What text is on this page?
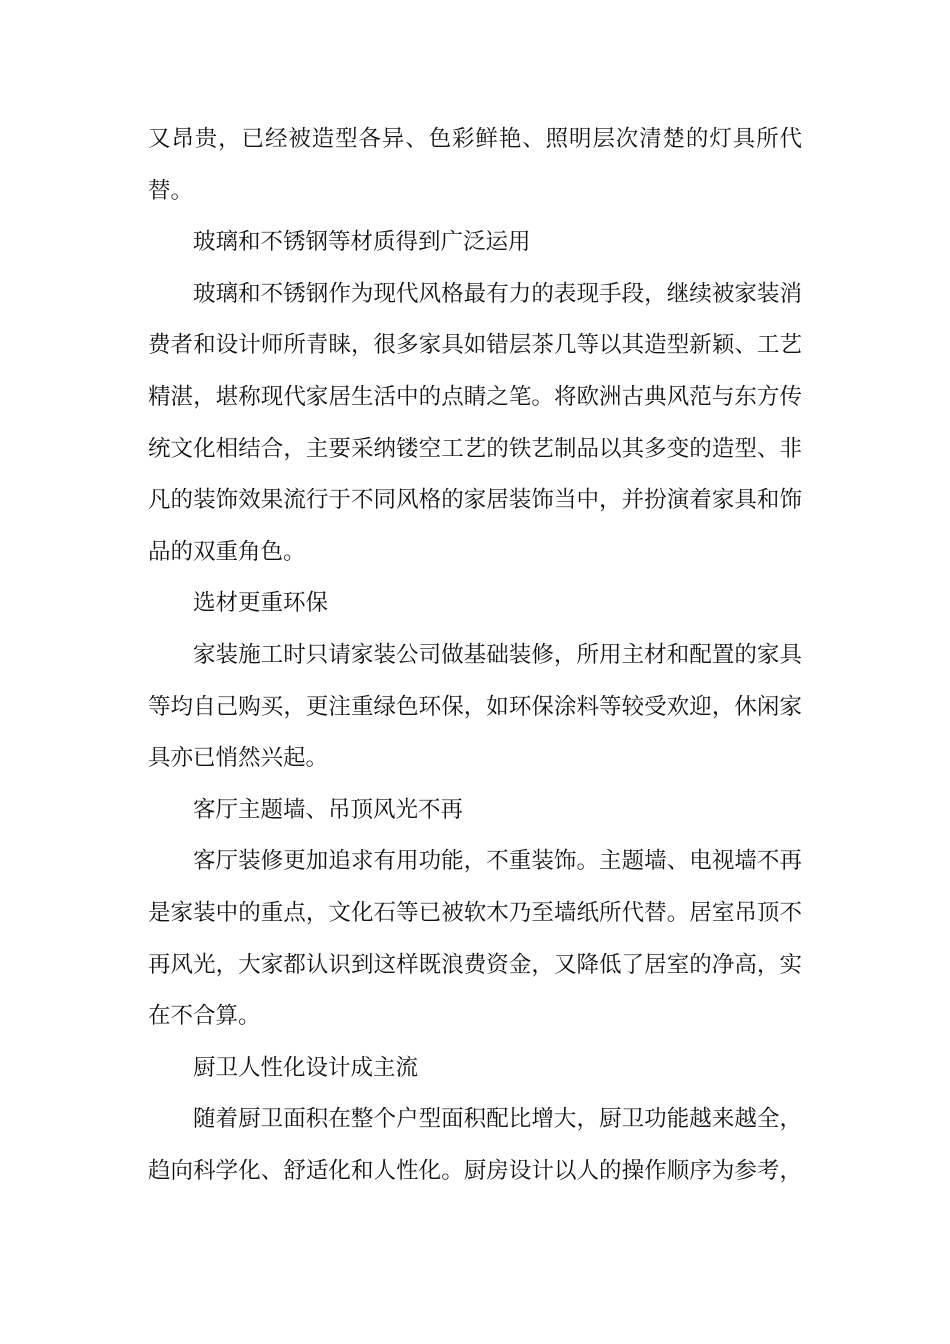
又昂贵，已经被造型各异、色彩鲜艳、照明层次清楚的灯具所代
替。
玻璃和不锈钢等材质得到广泛运用
玻璃和不锈钢作为现代风格最有力的表现手段，继续被家装消
费者和设计师所青睐，很多家具如错层茶几等以其造型新颖、工艺
精湛，堪称现代家居生活中的点睛之笔。将欧洲古典风范与东方传
统文化相结合，主要采纳镂空工艺的铁艺制品以其多变的造型、非
凡的装饰效果流行于不同风格的家居装饰当中，并扮演着家具和饰
品的双重角色。
选材更重环保
家装施工时只请家装公司做基础装修，所用主材和配置的家具
等均自己购买，更注重绿色环保，如环保涂料等较受欢迎，休闲家
具亦已悄然兴起。
客厅主题墙、吊顶风光不再
客厅装修更加追求有用功能，不重装饰。主题墙、电视墙不再
是家装中的重点，文化石等已被软木乃至墙纸所代替。居室吊顶不
再风光，大家都认识到这样既浪费资金，又降低了居室的净高，实
在不合算。
厨卫人性化设计成主流
随着厨卫面积在整个户型面积配比增大，厨卫功能越来越全，
趋向科学化、舒适化和人性化。厨房设计以人的操作顺序为参考，
